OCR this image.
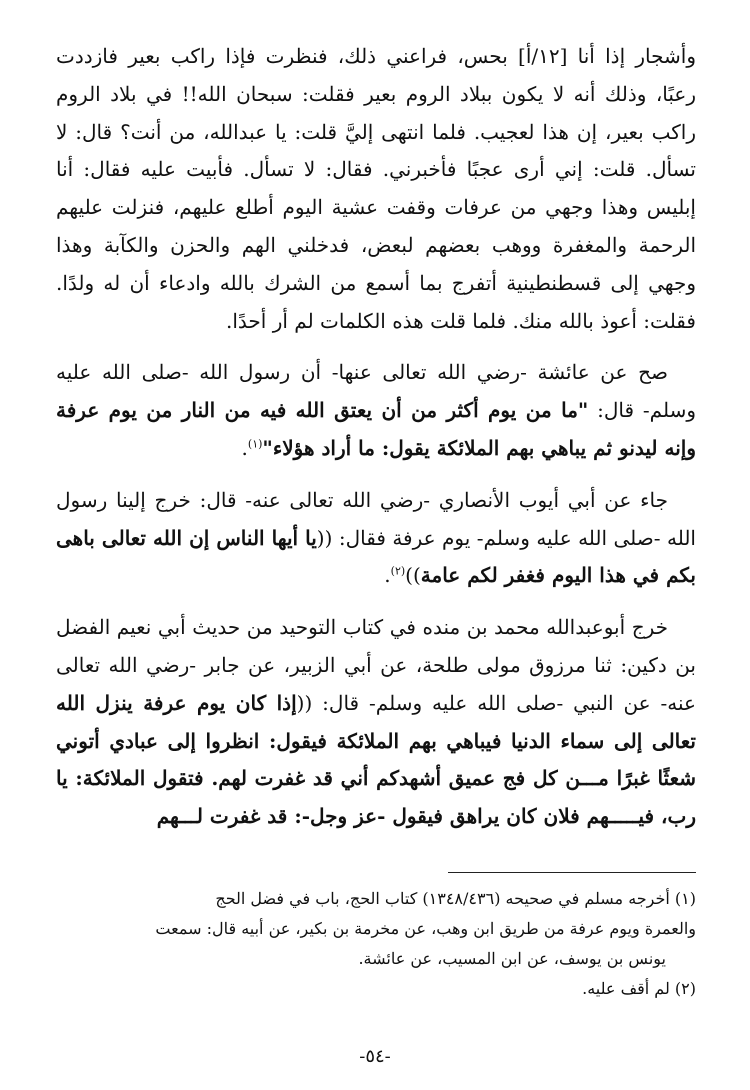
وأشجار إذا أنا [١٢/أ] بحس، فراعني ذلك، فنظرت فإذا راكب بعير فازددت رعبًا، وذلك أنه لا يكون ببلاد الروم بعير فقلت: سبحان الله!! في بلاد الروم راكب بعير، إن هذا لعجيب. فلما انتهى إليَّ قلت: يا عبدالله، من أنت؟ قال: لا تسأل. قلت: إني أرى عجبًا فأخبرني. فقال: لا تسأل. فأبيت عليه فقال: أنا إبليس وهذا وجهي من عرفات وقفت عشية اليوم أطلع عليهم، فنزلت عليهم الرحمة والمغفرة ووهب بعضهم لبعض، فدخلني الهم والحزن والكآبة وهذا وجهي إلى قسطنطينية أتفرج بما أسمع من الشرك بالله وادعاء أن له ولدًا. فقلت: أعوذ بالله منك. فلما قلت هذه الكلمات لم أر أحدًا.

صح عن عائشة -رضي الله تعالى عنها- أن رسول الله -صلى الله عليه وسلم- قال: "ما من يوم أكثر من أن يعتق الله فيه من النار من يوم عرفة وإنه ليدنو ثم يباهي بهم الملائكة يقول: ما أراد هؤلاء"$^{(١)}$.

جاء عن أبي أيوب الأنصاري -رضي الله تعالى عنه- قال: خرج إلينا رسول الله -صلى الله عليه وسلم- يوم عرفة فقال: ((يا أيها الناس إن الله تعالى باهى بكم في هذا اليوم فغفر لكم عامة))$^{(٢)}$.

خرج أبوعبدالله محمد بن منده في كتاب التوحيد من حديث أبي نعيم الفضل بن دكين: ثنا مرزوق مولى طلحة، عن أبي الزبير، عن جابر -رضي الله تعالى عنه- عن النبي -صلى الله عليه وسلم- قال: ((إذا كان يوم عرفة ينزل الله تعالى إلى سماء الدنيا فيباهي بهم الملائكة فيقول: انظروا إلى عبادي أتوني شعثًا غبرًا مـــن كل فج عميق أشهدكم أني قد غفرت لهم. فتقول الملائكة: يا رب، فيـــــهم فلان كان يراهق فيقول -عز وجل-: قد غفرت لـــهم

(١) أخرجه مسلم في صحيحه (١٣٤٨/٤٣٦) كتاب الحج، باب في فضل الحج

والعمرة ويوم عرفة من طريق ابن وهب، عن مخرمة بن بكير، عن أبيه قال: سمعت

يونس بن يوسف، عن ابن المسيب، عن عائشة.

(٢) لم أقف عليه.

-٥٤-
